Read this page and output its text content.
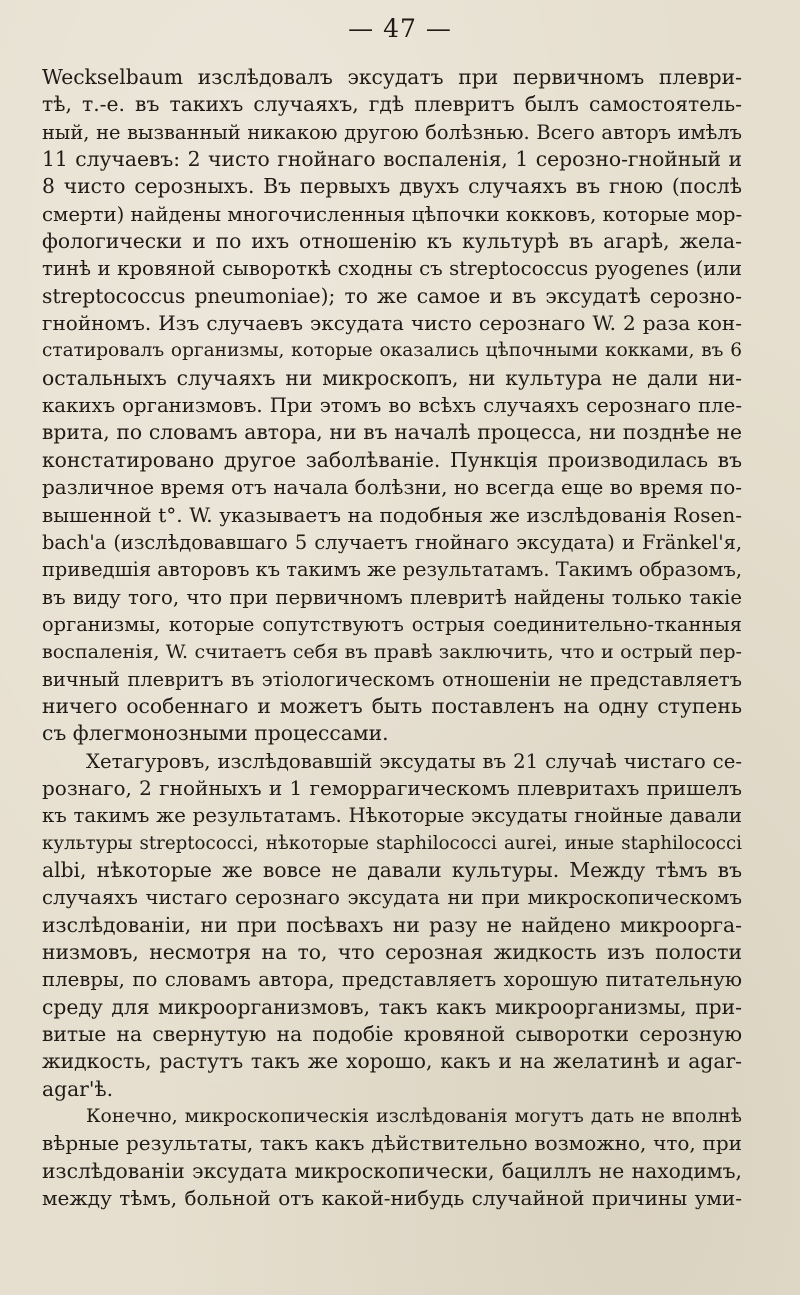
— 47 —
Weckselbaum изслѣдовалъ эксудатъ при первичномъ плеври-
тѣ, т.-е. въ такихъ случаяхъ, гдѣ плевритъ былъ самостоятель-
ный, не вызванный никакою другою болѣзнью. Всего авторъ имѣлъ
11 случаевъ: 2 чисто гнойнаго воспаленія, 1 серозно-гнойный и
8 чисто серозныхъ. Въ первыхъ двухъ случаяхъ въ гною (послѣ
смерти) найдены многочисленныя цѣпочки кокковъ, которые мор-
фологически и по ихъ отношенію къ культурѣ въ агарѣ, жела-
тинѣ и кровяной сывороткѣ сходны съ streptococcus pyogenes (или
streptococcus pneumoniae); то же самое и въ эксудатѣ серозно-
гнойномъ. Изъ случаевъ эксудата чисто серознаго W. 2 раза кон-
статировалъ организмы, которые оказались цѣпочными кокками, въ 6
остальныхъ случаяхъ ни микроскопъ, ни культура не дали ни-
какихъ организмовъ. При этомъ во всѣхъ случаяхъ серознаго пле-
врита, по словамъ автора, ни въ началѣ процесса, ни позднѣе не
констатировано другое заболѣваніе. Пункція производилась въ
различное время отъ начала болѣзни, но всегда еще во время по-
вышенной t°. W. указываетъ на подобныя же изслѣдованія Rosen-
bach'а (изслѣдовавшаго 5 случаетъ гнойнаго эксудата) и Fränkel'я,
приведшія авторовъ къ такимъ же результатамъ. Такимъ образомъ,
въ виду того, что при первичномъ плевритѣ найдены только такіе
организмы, которые сопутствуютъ острыя соединительно-тканныя
воспаленія, W. считаетъ себя въ правѣ заключить, что и острый пер-
вичный плевритъ въ этіологическомъ отношеніи не представляетъ
ничего особеннаго и можетъ быть поставленъ на одну ступень
съ флегмонозными процессами.
Хетагуровъ, изслѣдовавшій эксудаты въ 21 случаѣ чистаго се-
рознаго, 2 гнойныхъ и 1 геморрагическомъ плевритахъ пришелъ
къ такимъ же результатамъ. Нѣкоторые эксудаты гнойные давали
культуры streptococci, нѣкоторые staphilococci aurei, иные staphilococci
albi, нѣкоторые же вовсе не давали культуры. Между тѣмъ въ
случаяхъ чистаго серознаго эксудата ни при микроскопическомъ
изслѣдованіи, ни при посѣвахъ ни разу не найдено микроорга-
низмовъ, несмотря на то, что серозная жидкость изъ полости
плевры, по словамъ автора, представляетъ хорошую питательную
среду для микроорганизмовъ, такъ какъ микроорганизмы, при-
витые на свернутую на подобіе кровяной сыворотки серозную
жидкость, растутъ такъ же хорошо, какъ и на желатинѣ и agar-
agar'ѣ.
Конечно, микроскопическія изслѣдованія могутъ дать не вполнѣ
вѣрные результаты, такъ какъ дѣйствительно возможно, что, при
изслѣдованіи эксудата микроскопически, бациллъ не находимъ,
между тѣмъ, больной отъ какой-нибудь случайной причины уми-
